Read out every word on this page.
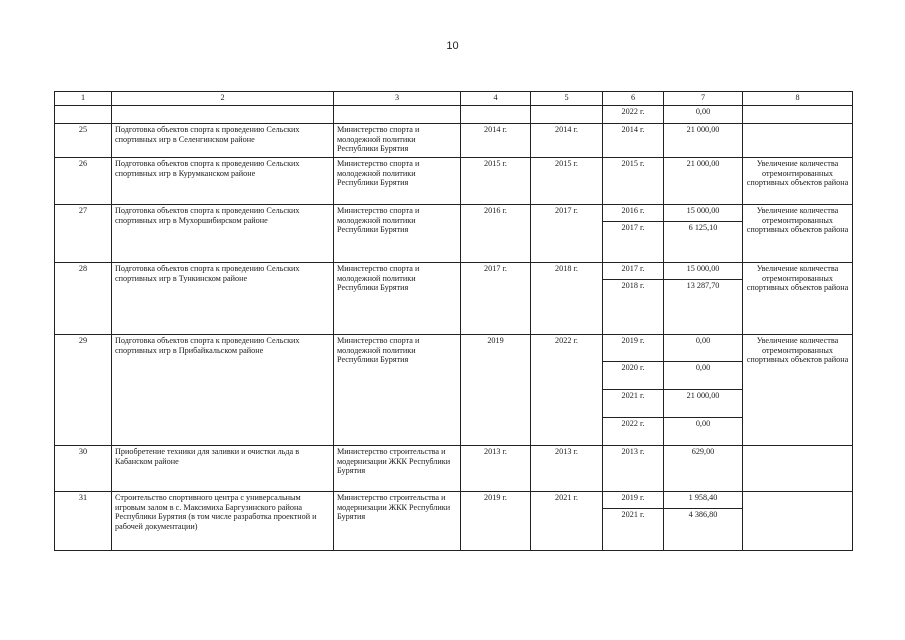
10
1	2	3	4	5	6	7	8
					2022 г.	0,00	
25	Подготовка объектов спорта к проведению Сельских спортивных игр в Селенгинском районе	Министерство спорта и молодежной политики Республики Бурятия	2014 г.	2014 г.	2014 г.	21 000,00	
26	Подготовка объектов спорта к проведению Сельских спортивных игр в Курумканском районе	Министерство спорта и молодежной политики Республики Бурятия	2015 г.	2015 г.	2015 г.	21 000,00	Увеличение количества отремонтированных спортивных объектов района
27	Подготовка объектов спорта к проведению Сельских спортивных игр в Мухоршибирском районе	Министерство спорта и молодежной политики Республики Бурятия	2016 г.	2017 г.	2016 г.	15 000,00	Увеличение количества отремонтированных спортивных объектов района
					2017 г.	6 125,10	
28	Подготовка объектов спорта к проведению Сельских спортивных игр в Тункинском районе	Министерство спорта и молодежной политики Республики Бурятия	2017 г.	2018 г.	2017 г.	15 000,00	Увеличение количества отремонтированных спортивных объектов района
					2018 г.	13 287,70	
29	Подготовка объектов спорта к проведению Сельских спортивных игр в Прибайкальском районе	Министерство спорта и молодежной политики Республики Бурятия	2019	2022 г.	2019 г.	0,00	Увеличение количества отремонтированных спортивных объектов района
					2020 г.	0,00	
					2021 г.	21 000,00	
					2022 г.	0,00	
30	Приобретение техники для заливки и очистки льда в Кабанском районе	Министерство строительства и модернизации ЖКК Республики Бурятия	2013 г.	2013 г.	2013 г.	629,00	
31	Строительство спортивного центра с универсальным игровым залом в с. Максимиха Баргузинского района Республики Бурятия (в том числе разработка проектной и рабочей документации)	Министерство строительства и модернизации ЖКК Республики Бурятия	2019 г.	2021 г.	2019 г.	1 958,40	
					2021 г.	4 386,80	
